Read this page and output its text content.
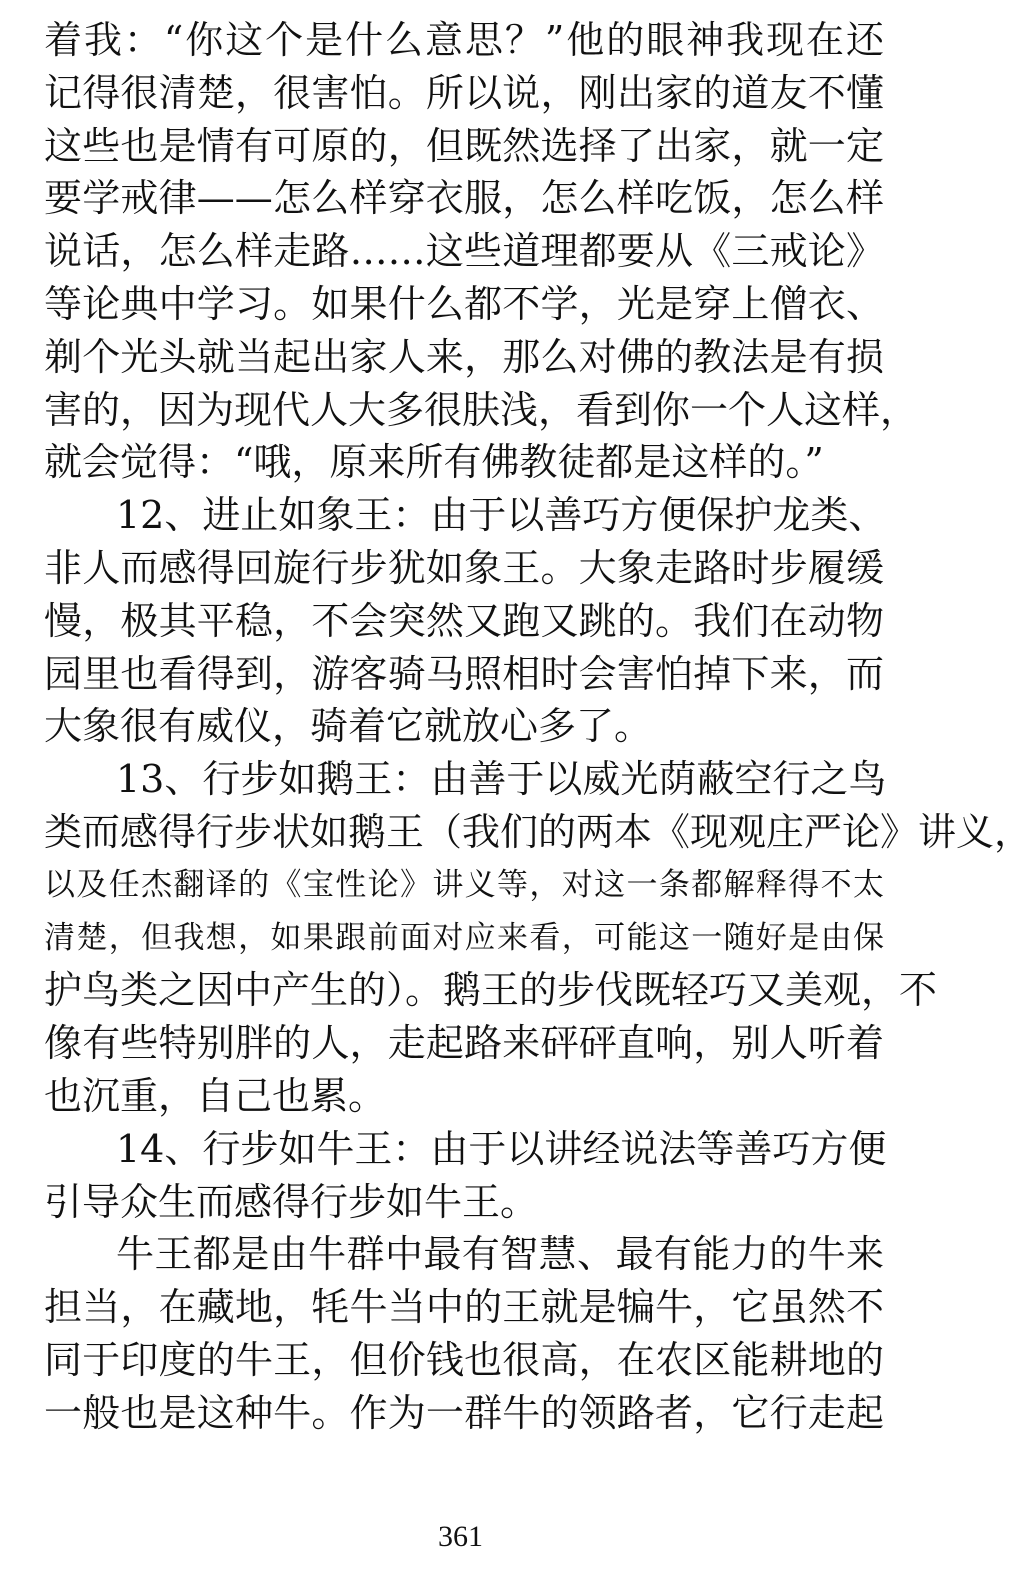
着我：“你这个是什么意思？”他的眼神我现在还
记得很清楚，很害怕。所以说，刚出家的道友不懂
这些也是情有可原的，但既然选择了出家，就一定
要学戒律——怎么样穿衣服，怎么样吃饭，怎么样
说话，怎么样走路……这些道理都要从《三戒论》
等论典中学习。如果什么都不学，光是穿上僧衣、
剃个光头就当起出家人来，那么对佛的教法是有损
害的，因为现代人大多很肤浅，看到你一个人这样，
就会觉得：“哦，原来所有佛教徒都是这样的。”
12、进止如象王：由于以善巧方便保护龙类、
非人而感得回旋行步犹如象王。大象走路时步履缓
慢，极其平稳，不会突然又跑又跳的。我们在动物
园里也看得到，游客骑马照相时会害怕掉下来，而
大象很有威仪，骑着它就放心多了。
13、行步如鹅王：由善于以威光荫蔽空行之鸟
类而感得行步状如鹅王（我们的两本《现观庄严论》讲义，
以及任杰翻译的《宝性论》讲义等，对这一条都解释得不太
清楚，但我想，如果跟前面对应来看，可能这一随好是由保
护鸟类之因中产生的）。鹅王的步伐既轻巧又美观，不
像有些特别胖的人，走起路来砰砰直响，别人听着
也沉重，自己也累。
14、行步如牛王：由于以讲经说法等善巧方便
引导众生而感得行步如牛王。
牛王都是由牛群中最有智慧、最有能力的牛来
担当，在藏地，牦牛当中的王就是犏牛，它虽然不
同于印度的牛王，但价钱也很高，在农区能耕地的
一般也是这种牛。作为一群牛的领路者，它行走起
361
